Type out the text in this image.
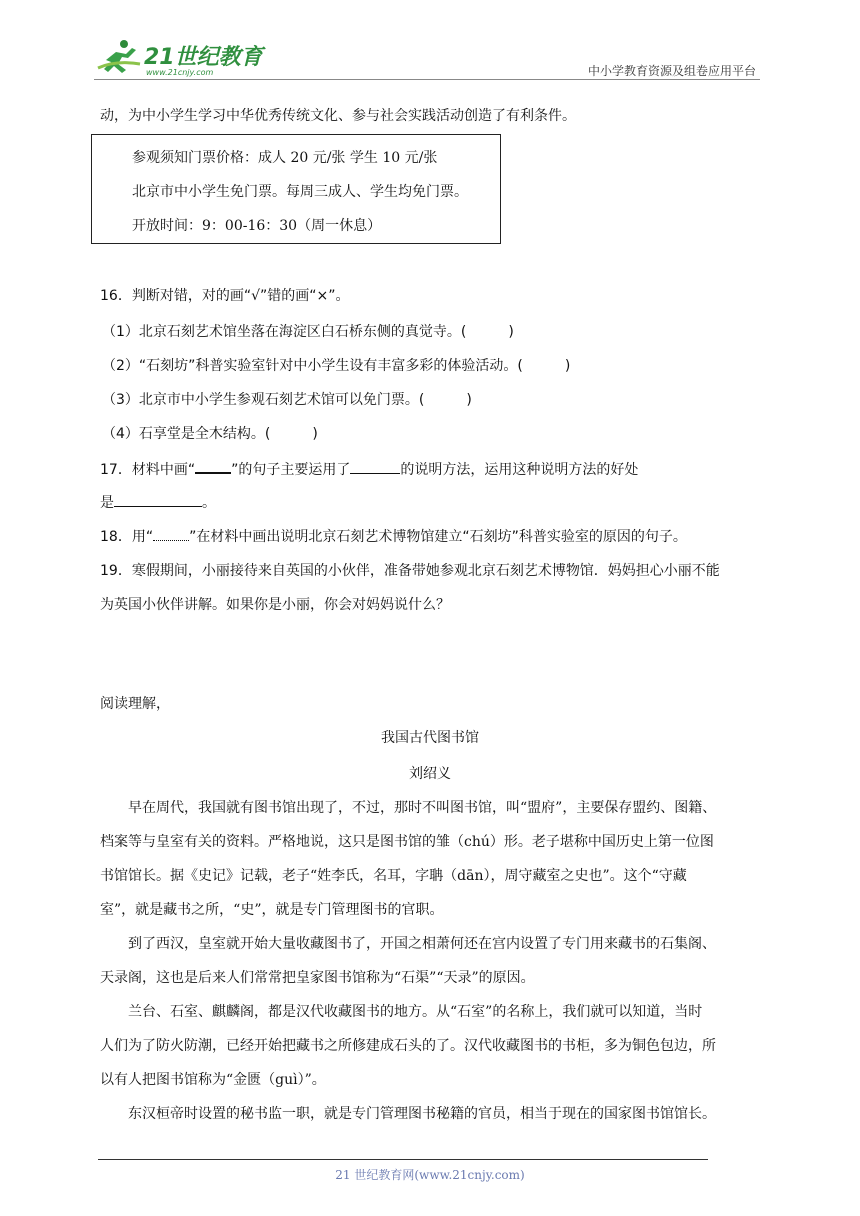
21世纪教育
www.21cnjy.com	中小学教育资源及组卷应用平台
动，为中小学生学习中华优秀传统文化、参与社会实践活动创造了有利条件。
参观须知门票价格：成人 20 元/张 学生 10 元/张
北京市中小学生免门票。每周三成人、学生均免门票。
开放时间：9：00-16：30（周一休息）
16．判断对错，对的画“√”错的画“×”。
（1）北京石刻艺术馆坐落在海淀区白石桥东侧的真觉寺。(	)
（2）“石刻坊”科普实验室针对中小学生设有丰富多彩的体验活动。(	)
（3）北京市中小学生参观石刻艺术馆可以免门票。(	)
（4）石享堂是全木结构。(	)
17．材料中画“	”的句子主要运用了	的说明方法，运用这种说明方法的好处
是	。
18．用“	”在材料中画出说明北京石刻艺术博物馆建立“石刻坊”科普实验室的原因的句子。
19．寒假期间，小丽接待来自英国的小伙伴，准备带她参观北京石刻艺术博物馆．妈妈担心小丽不能
为英国小伙伴讲解。如果你是小丽，你会对妈妈说什么？
阅读理解，
我国古代图书馆
刘绍义
早在周代，我国就有图书馆出现了，不过，那时不叫图书馆，叫“盟府”，主要保存盟约、图籍、
档案等与皇室有关的资料。严格地说，这只是图书馆的雏（chú）形。老子堪称中国历史上第一位图
书馆馆长。据《史记》记载，老子“姓李氏，名耳，字聃（dān），周守藏室之史也”。这个“守藏
室”，就是藏书之所，“史”，就是专门管理图书的官职。
到了西汉，皇室就开始大量收藏图书了，开国之相萧何还在宫内设置了专门用来藏书的石集阁、
天录阁，这也是后来人们常常把皇家图书馆称为“石渠”“天录”的原因。
兰台、石室、麒麟阁，都是汉代收藏图书的地方。从“石室”的名称上，我们就可以知道，当时
人们为了防火防潮，已经开始把藏书之所修建成石头的了。汉代收藏图书的书柜，多为铜色包边，所
以有人把图书馆称为“金匮（guì）”。
东汉桓帝时设置的秘书监一职，就是专门管理图书秘籍的官员，相当于现在的国家图书馆馆长。
21 世纪教育网(www.21cnjy.com)
